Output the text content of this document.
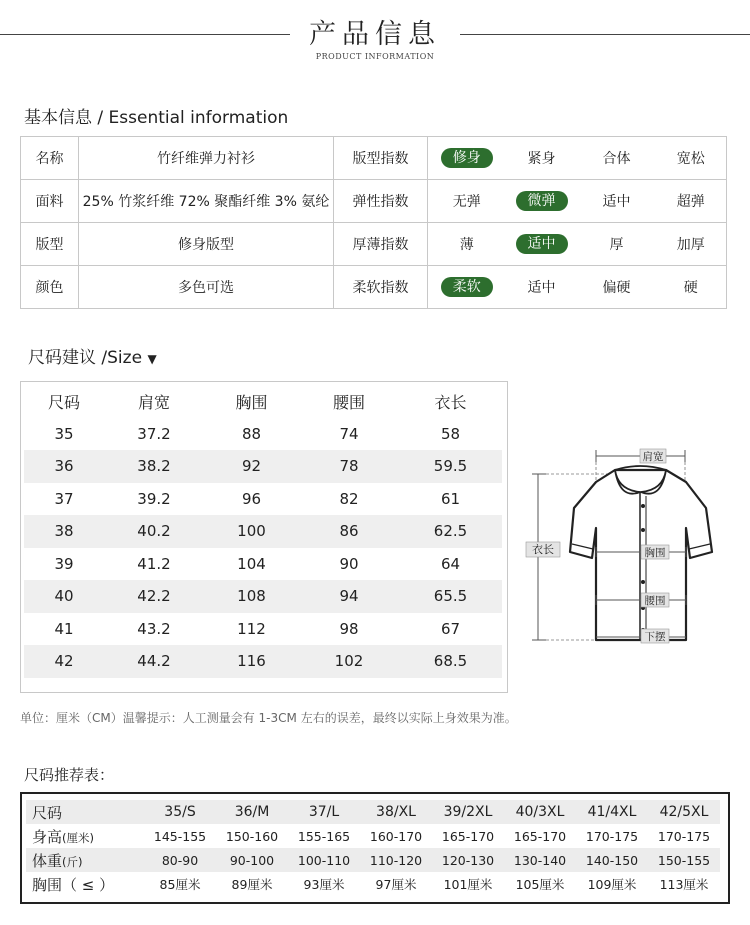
产品信息
PRODUCT INFORMATION
基本信息 / Essential information
名称	竹纤维弹力衬衫	版型指数	修身	紧身	合体	宽松
面料	25% 竹浆纤维 72% 聚酯纤维 3% 氨纶	弹性指数	无弹	微弹	适中	超弹
版型	修身版型	厚薄指数	薄	适中	厚	加厚
颜色	多色可选	柔软指数	柔软	适中	偏硬	硬
尺码建议 /Size ▼
尺码	肩宽	胸围	腰围	衣长
35	37.2	88	74	58
36	38.2	92	78	59.5
37	39.2	96	82	61
38	40.2	100	86	62.5
39	41.2	104	90	64
40	42.2	108	94	65.5
41	43.2	112	98	67
42	44.2	116	102	68.5
肩宽
衣长	胸围
腰围
下摆
单位：厘米（CM）温馨提示：人工测量会有 1-3CM 左右的误差，最终以实际上身效果为准。
尺码推荐表：
尺码	35/S	36/M	37/L	38/XL	39/2XL	40/3XL	41/4XL	42/5XL
身高(厘米)	145-155	150-160	155-165	160-170	165-170	165-170	170-175	170-175
体重(斤)	80-90	90-100	100-110	110-120	120-130	130-140	140-150	150-155
胸围（ ≤ ）	85厘米	89厘米	93厘米	97厘米	101厘米	105厘米	109厘米	113厘米
